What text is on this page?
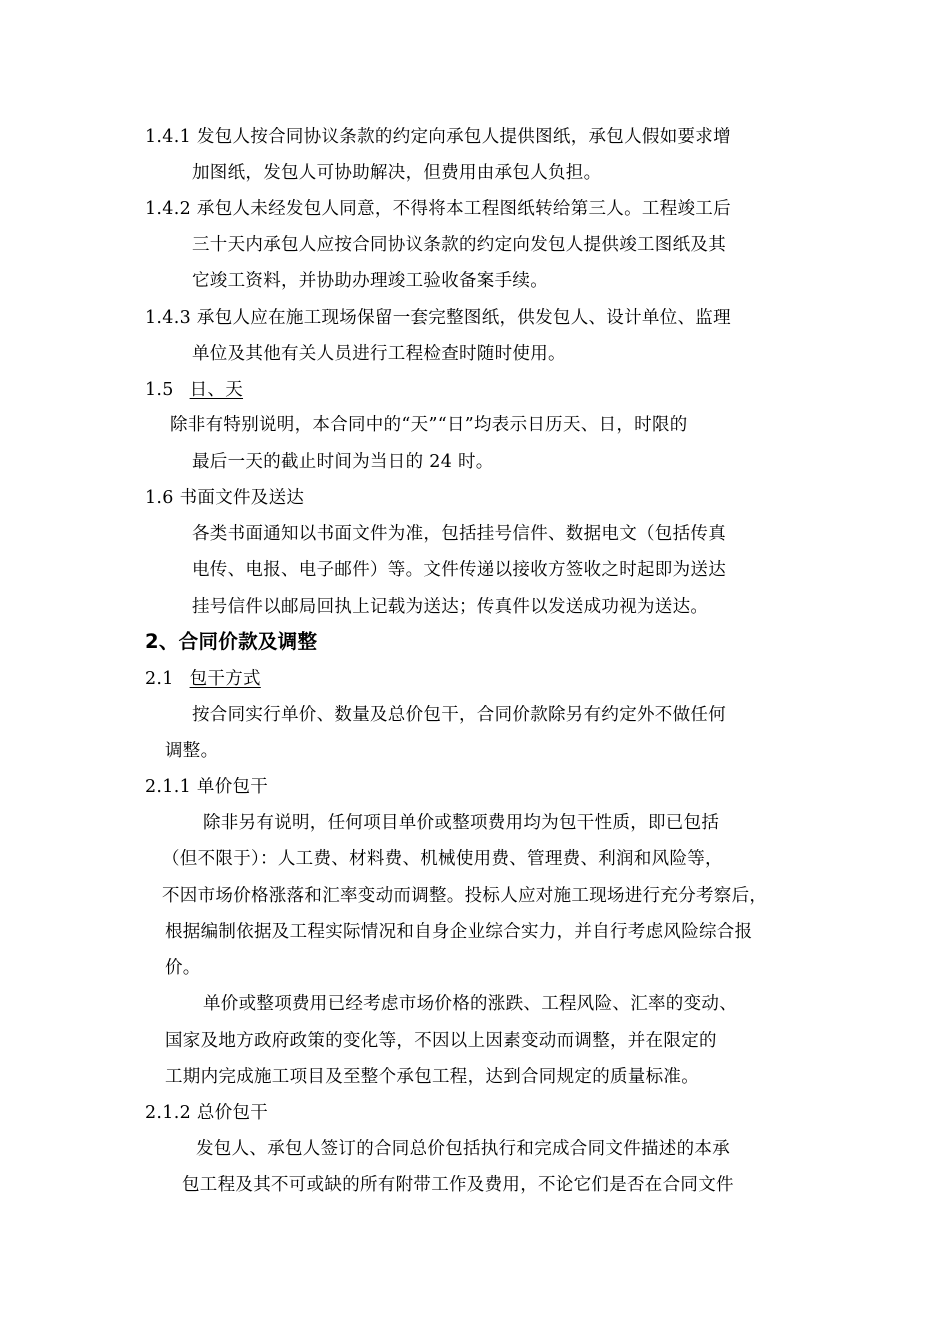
1.4.1 发包人按合同协议条款的约定向承包人提供图纸，承包人假如要求增
加图纸，发包人可协助解决，但费用由承包人负担。
1.4.2 承包人未经发包人同意，不得将本工程图纸转给第三人。工程竣工后
三十天内承包人应按合同协议条款的约定向发包人提供竣工图纸及其
它竣工资料，并协助办理竣工验收备案手续。
1.4.3 承包人应在施工现场保留一套完整图纸，供发包人、设计单位、监理
单位及其他有关人员进行工程检查时随时使用。
1.5 日、天
除非有特别说明，本合同中的“天”“日”均表示日历天、日，时限的
最后一天的截止时间为当日的 24 时。
1.6 书面文件及送达
各类书面通知以书面文件为准，包括挂号信件、数据电文（包括传真
电传、电报、电子邮件）等。文件传递以接收方签收之时起即为送达
挂号信件以邮局回执上记载为送达；传真件以发送成功视为送达。
2、合同价款及调整
2.1 包干方式
按合同实行单价、数量及总价包干，合同价款除另有约定外不做任何
调整。
2.1.1 单价包干
除非另有说明，任何项目单价或整项费用均为包干性质，即已包括
（但不限于）：人工费、材料费、机械使用费、管理费、利润和风险等，
不因市场价格涨落和汇率变动而调整。投标人应对施工现场进行充分考察后，
根据编制依据及工程实际情况和自身企业综合实力，并自行考虑风险综合报
价。
单价或整项费用已经考虑市场价格的涨跌、工程风险、汇率的变动、
国家及地方政府政策的变化等，不因以上因素变动而调整，并在限定的
工期内完成施工项目及至整个承包工程，达到合同规定的质量标准。
2.1.2 总价包干
发包人、承包人签订的合同总价包括执行和完成合同文件描述的本承
包工程及其不可或缺的所有附带工作及费用，不论它们是否在合同文件
